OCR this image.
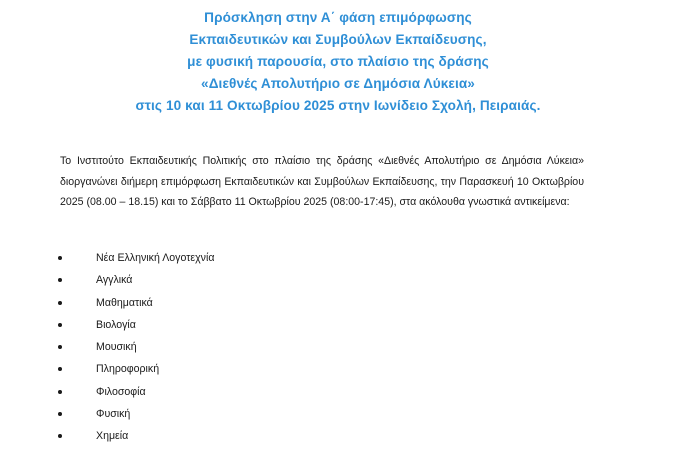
Πρόσκληση στην Α΄ φάση επιμόρφωσης
Εκπαιδευτικών και Συμβούλων Εκπαίδευσης,
με φυσική παρουσία, στο πλαίσιο της δράσης
«Διεθνές Απολυτήριο σε Δημόσια Λύκεια»
στις 10 και 11 Οκτωβρίου 2025 στην Ιωνίδειο Σχολή, Πειραιάς.
Το Ινστιτούτο Εκπαιδευτικής Πολιτικής στο πλαίσιο της δράσης «Διεθνές Απολυτήριο σε Δημόσια Λύκεια» διοργανώνει διήμερη επιμόρφωση Εκπαιδευτικών και Συμβούλων Εκπαίδευσης, την Παρασκευή 10 Οκτωβρίου 2025 (08.00 – 18.15) και το Σάββατο 11 Οκτωβρίου 2025 (08:00-17:45), στα ακόλουθα γνωστικά αντικείμενα:
Νέα Ελληνική Λογοτεχνία
Αγγλικά
Μαθηματικά
Βιολογία
Μουσική
Πληροφορική
Φιλοσοφία
Φυσική
Χημεία
